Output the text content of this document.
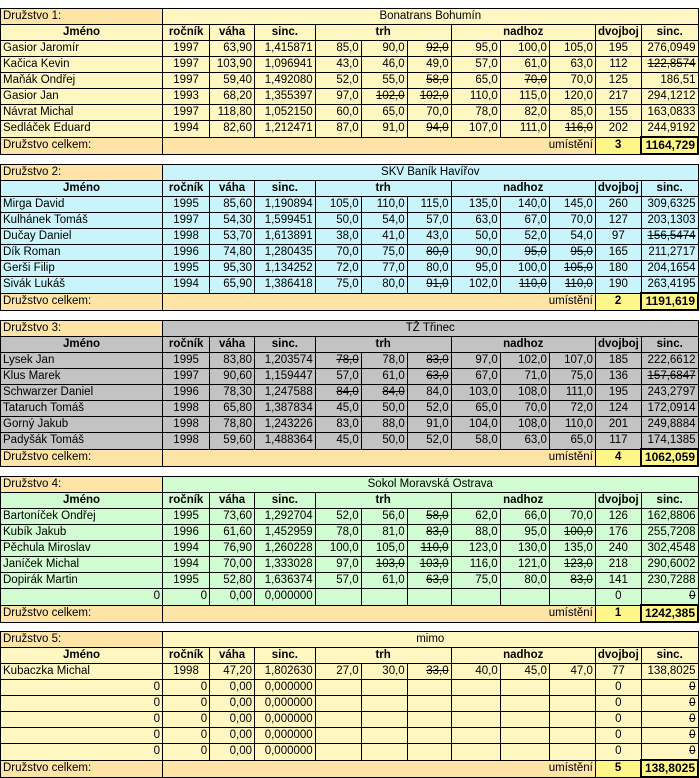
Družstvo 1:	Bonatrans Bohumín										
Jméno	ročník	váha	sinc.	trh			nadhoz			dvojboj	sinc.
Gasior Jaromír	1997	63,90	1,415871	85,0	90,0	92,0	95,0	100,0	105,0	195	276,0949
Kačica Kevin	1997	103,90	1,096941	43,0	46,0	49,0	57,0	61,0	63,0	112	122,8574
Maňák Ondřej	1997	59,40	1,492080	52,0	55,0	58,0	65,0	70,0	70,0	125	186,51
Gasior Jan	1993	68,20	1,355397	97,0	102,0	102,0	110,0	115,0	120,0	217	294,1212
Návrat Michal	1997	118,80	1,052150	60,0	65,0	70,0	78,0	82,0	85,0	155	163,0833
Sedláček Eduard	1994	82,60	1,212471	87,0	91,0	94,0	107,0	111,0	116,0	202	244,9192
Družstvo celkem:	umístění									3	1164,729
Družstvo 2:	SKV Baník Havířov										
Jméno	ročník	váha	sinc.	trh			nadhoz			dvojboj	sinc.
Mirga David	1995	85,60	1,190894	105,0	110,0	115,0	135,0	140,0	145,0	260	309,6325
Kulhánek Tomáš	1997	54,30	1,599451	50,0	54,0	57,0	63,0	67,0	70,0	127	203,1303
Dučay Daniel	1998	53,70	1,613891	38,0	41,0	43,0	50,0	52,0	54,0	97	156,5474
Dík Roman	1996	74,80	1,280435	70,0	75,0	80,0	90,0	95,0	95,0	165	211,2717
Gerši Filip	1995	95,30	1,134252	72,0	77,0	80,0	95,0	100,0	105,0	180	204,1654
Sivák Lukáš	1994	65,90	1,386418	75,0	80,0	91,0	102,0	110,0	110,0	190	263,4195
Družstvo celkem:	umístění									2	1191,619
Družstvo 3:	TŽ Třinec										
Jméno	ročník	váha	sinc.	trh			nadhoz			dvojboj	sinc.
Lysek Jan	1995	83,80	1,203574	78,0	78,0	83,0	97,0	102,0	107,0	185	222,6612
Klus Marek	1997	90,60	1,159447	57,0	61,0	63,0	67,0	71,0	75,0	136	157,6847
Schwarzer Daniel	1996	78,30	1,247588	84,0	84,0	84,0	103,0	108,0	111,0	195	243,2797
Tataruch Tomáš	1998	65,80	1,387834	45,0	50,0	52,0	65,0	70,0	72,0	124	172,0914
Gorný Jakub	1998	78,80	1,243226	83,0	88,0	91,0	104,0	108,0	110,0	201	249,8884
Padyšák Tomáš	1998	59,60	1,488364	45,0	50,0	52,0	58,0	63,0	65,0	117	174,1385
Družstvo celkem:	umístění									4	1062,059
Družstvo 4:	Sokol Moravská Ostrava										
Jméno	ročník	váha	sinc.	trh			nadhoz			dvojboj	sinc.
Bartoníček Ondřej	1995	73,60	1,292704	52,0	56,0	58,0	62,0	66,0	70,0	126	162,8806
Kubík Jakub	1996	61,60	1,452959	78,0	81,0	83,0	88,0	95,0	100,0	176	255,7208
Pěchula Miroslav	1994	76,90	1,260228	100,0	105,0	110,0	123,0	130,0	135,0	240	302,4548
Janíček Michal	1994	70,00	1,333028	97,0	103,0	103,0	116,0	121,0	123,0	218	290,6002
Dopirák Martin	1995	52,80	1,636374	57,0	61,0	63,0	75,0	80,0	83,0	141	230,7288
0	0	0,00	0,000000							0	0
Družstvo celkem:	umístění									1	1242,385
Družstvo 5:	mimo										
Jméno	ročník	váha	sinc.	trh			nadhoz			dvojboj	sinc.
Kubaczka Michal	1998	47,20	1,802630	27,0	30,0	33,0	40,0	45,0	47,0	77	138,8025
0	0	0,00	0,000000							0	0
0	0	0,00	0,000000							0	0
0	0	0,00	0,000000							0	0
0	0	0,00	0,000000							0	0
0	0	0,00	0,000000							0	0
Družstvo celkem:	umístění									5	138,8025
